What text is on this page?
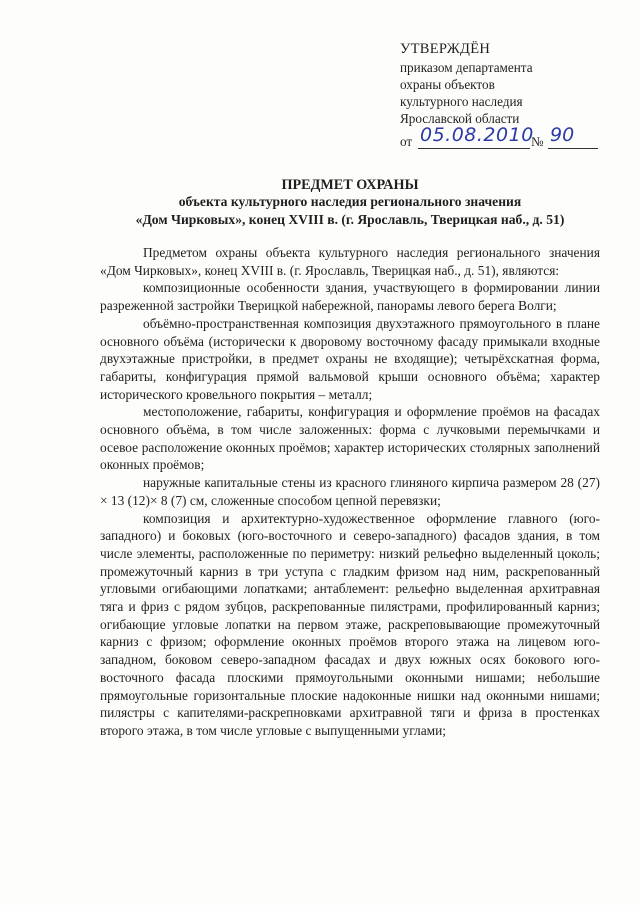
УТВЕРЖДЁН
приказом департамента
охраны объектов
культурного наследия
Ярославской области
от 05.08.2010
№ 90
ПРЕДМЕТ ОХРАНЫ
объекта культурного наследия регионального значения
«Дом Чирковых», конец XVIII в. (г. Ярославль, Тверицкая наб., д. 51)

Предметом охраны объекта культурного наследия регионального значения «Дом Чирковых», конец XVIII в. (г. Ярославль, Тверицкая наб., д. 51), являются:

композиционные особенности здания, участвующего в формировании линии разреженной застройки Тверицкой набережной, панорамы левого берега Волги;

объёмно-пространственная композиция двухэтажного прямоугольного в плане основного объёма (исторически к дворовому восточному фасаду примыкали входные двухэтажные пристройки, в предмет охраны не входящие); четырёхскатная форма, габариты, конфигурация прямой вальмовой крыши основного объёма; характер исторического кровельного покрытия – металл;

местоположение, габариты, конфигурация и оформление проёмов на фасадах основного объёма, в том числе заложенных: форма с лучковыми перемычками и осевое расположение оконных проёмов; характер исторических столярных заполнений оконных проёмов;

наружные капитальные стены из красного глиняного кирпича размером 28 (27) × 13 (12)× 8 (7) см, сложенные способом цепной перевязки;

композиция и архитектурно-художественное оформление главного (юго-западного) и боковых (юго-восточного и северо-западного) фасадов здания, в том числе элементы, расположенные по периметру: низкий рельефно выделенный цоколь; промежуточный карниз в три уступа с гладким фризом над ним, раскрепованный угловыми огибающими лопатками; антаблемент: рельефно выделенная архитравная тяга и фриз с рядом зубцов, раскрепованные пилястрами, профилированный карниз; огибающие угловые лопатки на первом этаже, раскреповывающие промежуточный карниз с фризом; оформление оконных проёмов второго этажа на лицевом юго-западном, боковом северо-западном фасадах и двух южных осях бокового юго-восточного фасада плоскими прямоугольными оконными нишами; небольшие прямоугольные горизонтальные плоские надоконные нишки над оконными нишами; пилястры с капителями-раскрепновками архитравной тяги и фриза в простенках второго этажа, в том числе угловые с выпущенными углами;
